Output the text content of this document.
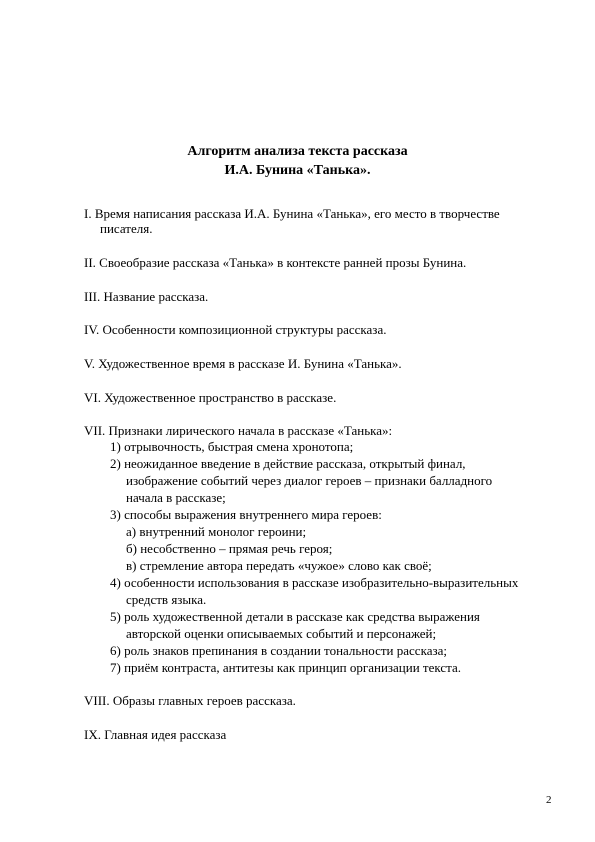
Алгоритм анализа текста рассказа
И.А. Бунина «Танька».
I. Время написания рассказа И.А. Бунина «Танька», его место в творчестве
писателя.
II. Своеобразие рассказа «Танька» в контексте ранней прозы Бунина.
III. Название рассказа.
IV. Особенности композиционной структуры рассказа.
V. Художественное время в рассказе И. Бунина «Танька».
VI. Художественное пространство в рассказе.
VII. Признаки лирического начала в рассказе «Танька»:
1) отрывочность, быстрая смена хронотопа;
2) неожиданное введение в действие рассказа, открытый финал,
изображение событий через диалог героев – признаки балладного
начала в рассказе;
3) способы выражения внутреннего мира героев:
а) внутренний монолог героини;
б) несобственно – прямая речь героя;
в) стремление автора передать «чужое» слово как своё;
4) особенности использования в рассказе изобразительно-выразительных
средств языка.
5) роль художественной детали в рассказе как средства выражения
авторской оценки описываемых событий и персонажей;
6) роль знаков препинания в создании тональности рассказа;
7) приём контраста, антитезы как принцип организации текста.
VIII. Образы главных героев рассказа.
IX. Главная идея рассказа
2
